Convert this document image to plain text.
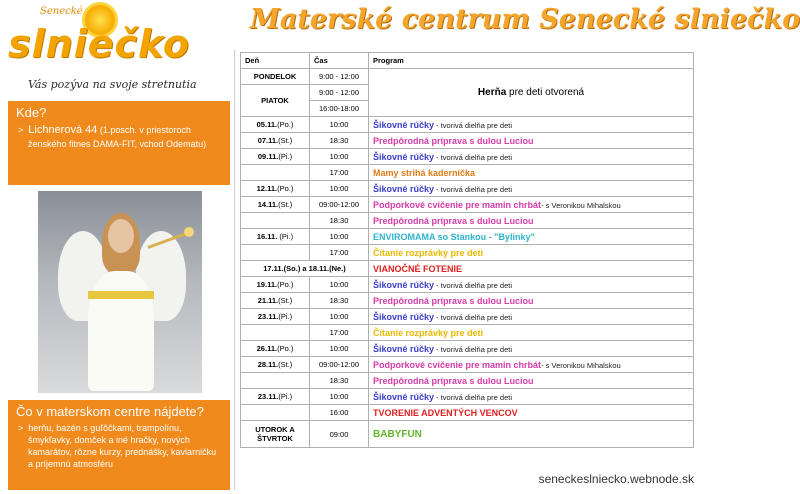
Senecké
slniečko
Vás pozýva na svoje stretnutia
Kde?

>  Lichnerová 44 (1.posch. v priestoroch ženského fitnes DAMA-FIT, vchod Odematu)

Čo v materskom centre nájdete?

>  herňu, bazén s guľôčkami, trampolínu, šmykľavky, domček a iné hračky, nových kamarátov, rôzne kurzy, prednášky, kaviarničku a príjemnú atmosféru

Materské centrum Senecké slniečko
Deň	Čas	Program
PONDELOK	9:00 - 12:00	Herňa pre deti otvorená
PIATOK	9:00 - 12:00	
	16:00-18:00	
05.11.(Po.)	10:00	Šikovné rúčky - tvorivá dielňa pre deti
07.11.(St.)	18:30	Predpôrodná príprava s dulou Luciou
09.11.(Pi.)	10:00	Šikovné rúčky - tvorivá dielňa pre deti
	17:00	Mamy strihá kaderníčka
12.11.(Po.)	10:00	Šikovné rúčky - tvorivá dielňa pre deti
14.11.(St.)	09:00-12:00	Podporkové cvičenie pre mamin chrbát- s Veronikou Mihalskou
	18:30	Predpôrodná príprava s dulou Luciou
16.11. (Pi.)	10:00	ENVIROMAMA so Stankou - "Bylinky"
	17:00	Čítanie rozprávky pre deti
17.11.(So.) a 18.11.(Ne.)		VIANOČNÉ FOTENIE
19.11.(Po.)	10:00	Šikovné rúčky - tvorivá dielňa pre deti
21.11.(St.)	18:30	Predpôrodná príprava s dulou Luciou
23.11.(Pi.)	10:00	Šikovné rúčky - tvorivá dielňa pre deti
	17:00	Čítanie rozprávky pre deti
26.11.(Po.)	10:00	Šikovné rúčky - tvorivá dielňa pre deti
28.11.(St.)	09:00-12:00	Podporkové cvičenie pre mamin chrbát- s Veronikou Mihalskou
	18:30	Predpôrodná príprava s dulou Luciou
23.11.(Pi.)	10:00	Šikovné rúčky - tvorivá dielňa pre deti
	16:00	TVORENIE ADVENTÝCH VENCOV
UTOROK A
ŠTVRTOK	09:00	BABYFUN
seneckeslniecko.webnode.sk
